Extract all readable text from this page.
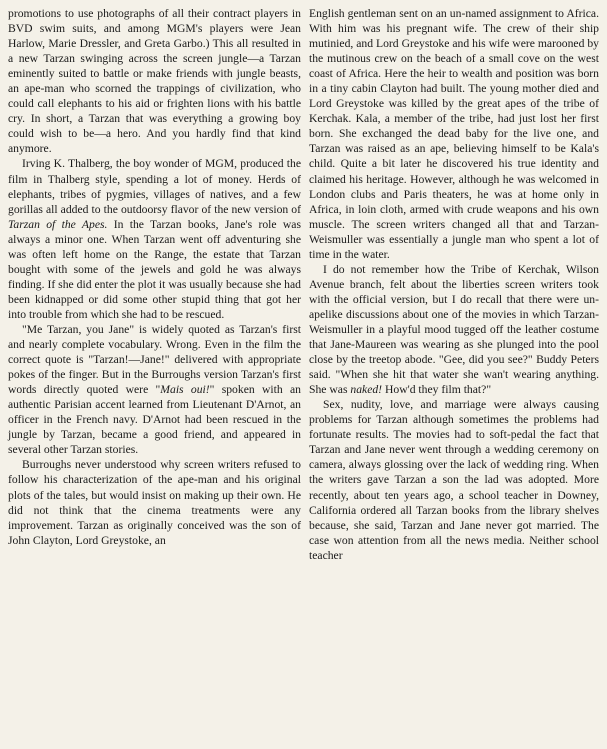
promotions to use photographs of all their contract players in BVD swim suits, and among MGM's players were Jean Harlow, Marie Dressler, and Greta Garbo.) This all resulted in a new Tarzan swinging across the screen jungle—a Tarzan eminently suited to battle or make friends with jungle beasts, an ape-man who scorned the trappings of civilization, who could call elephants to his aid or frighten lions with his battle cry. In short, a Tarzan that was everything a growing boy could wish to be—a hero. And you hardly find that kind anymore.

Irving K. Thalberg, the boy wonder of MGM, produced the film in Thalberg style, spending a lot of money. Herds of elephants, tribes of pygmies, villages of natives, and a few gorillas all added to the outdoorsy flavor of the new version of Tarzan of the Apes. In the Tarzan books, Jane's role was always a minor one. When Tarzan went off adventuring she was often left home on the Range, the estate that Tarzan bought with some of the jewels and gold he was always finding. If she did enter the plot it was usually because she had been kidnapped or did some other stupid thing that got her into trouble from which she had to be rescued.

"Me Tarzan, you Jane" is widely quoted as Tarzan's first and nearly complete vocabulary. Wrong. Even in the film the correct quote is "Tarzan!—Jane!" delivered with appropriate pokes of the finger. But in the Burroughs version Tarzan's first words directly quoted were "Mais oui!" spoken with an authentic Parisian accent learned from Lieutenant D'Arnot, an officer in the French navy. D'Arnot had been rescued in the jungle by Tarzan, became a good friend, and appeared in several other Tarzan stories.

Burroughs never understood why screen writers refused to follow his characterization of the ape-man and his original plots of the tales, but would insist on making up their own. He did not think that the cinema treatments were any improvement. Tarzan as originally conceived was the son of John Clayton, Lord Greystoke, an

English gentleman sent on an un-named assignment to Africa. With him was his pregnant wife. The crew of their ship mutinied, and Lord Greystoke and his wife were marooned by the mutinous crew on the beach of a small cove on the west coast of Africa. Here the heir to wealth and position was born in a tiny cabin Clayton had built. The young mother died and Lord Greystoke was killed by the great apes of the tribe of Kerchak. Kala, a member of the tribe, had just lost her first born. She exchanged the dead baby for the live one, and Tarzan was raised as an ape, believing himself to be Kala's child. Quite a bit later he discovered his true identity and claimed his heritage. However, although he was welcomed in London clubs and Paris theaters, he was at home only in Africa, in loin cloth, armed with crude weapons and his own muscle. The screen writers changed all that and Tarzan-Weismuller was essentially a jungle man who spent a lot of time in the water.

I do not remember how the Tribe of Kerchak, Wilson Avenue branch, felt about the liberties screen writers took with the official version, but I do recall that there were un-apelike discussions about one of the movies in which Tarzan-Weismuller in a playful mood tugged off the leather costume that Jane-Maureen was wearing as she plunged into the pool close by the treetop abode. "Gee, did you see?" Buddy Peters said. "When she hit that water she wan't wearing anything. She was naked! How'd they film that?"

Sex, nudity, love, and marriage were always causing problems for Tarzan although sometimes the problems had fortunate results. The movies had to soft-pedal the fact that Tarzan and Jane never went through a wedding ceremony on camera, always glossing over the lack of wedding ring. When the writers gave Tarzan a son the lad was adopted. More recently, about ten years ago, a school teacher in Downey, California ordered all Tarzan books from the library shelves because, she said, Tarzan and Jane never got married. The case won attention from all the news media. Neither school teacher
